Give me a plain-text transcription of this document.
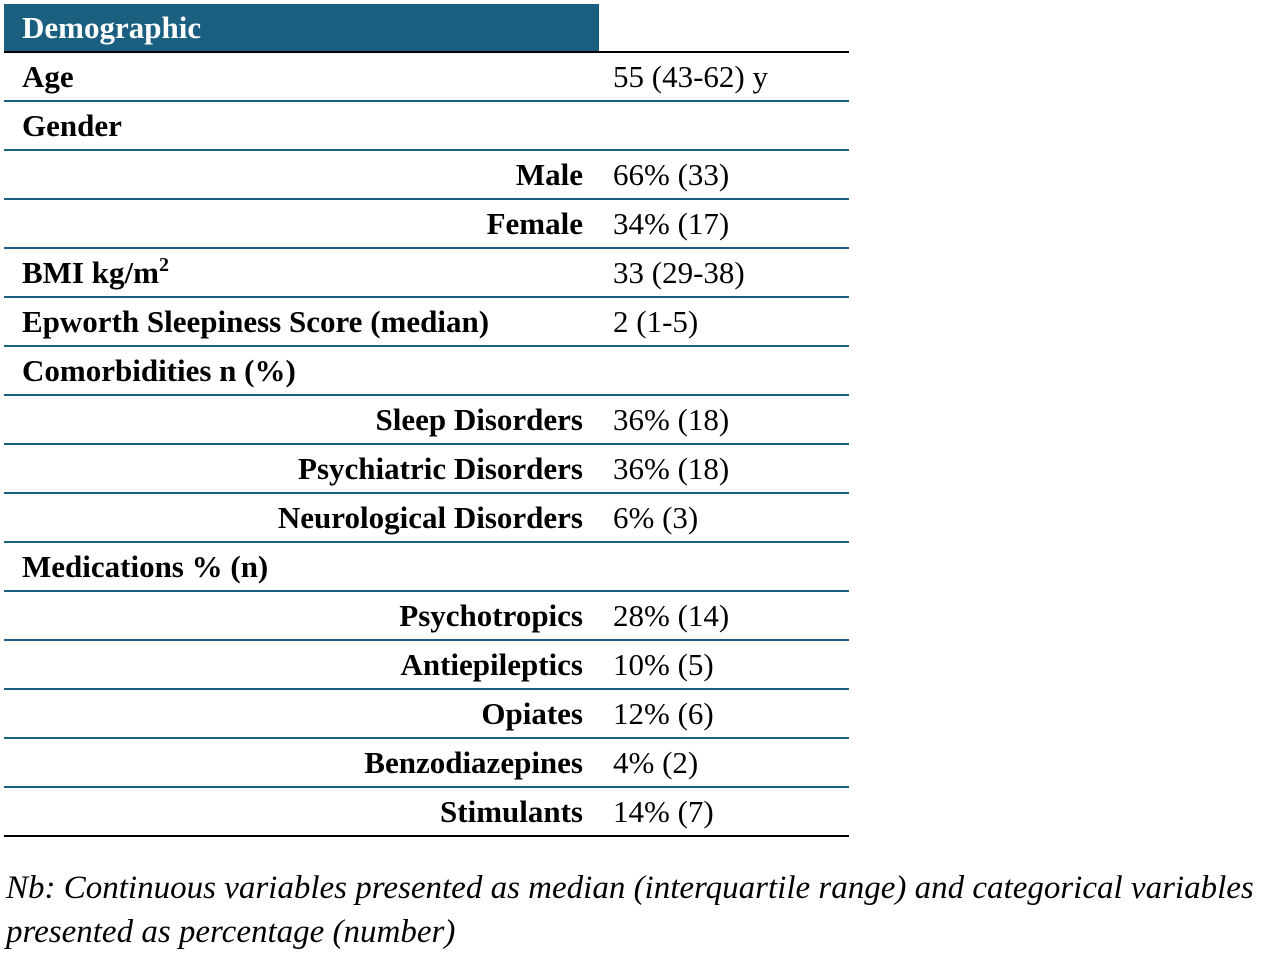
Demographic	
Age	55 (43-62) y
Gender	
Male	66% (33)
Female	34% (17)
BMI $kg/m^2$	33 (29-38)
Epworth Sleepiness Score (median)	2 (1-5)
Comorbidities n (%)	
Sleep Disorders	36% (18)
Psychiatric Disorders	36% (18)
Neurological Disorders	6% (3)
Medications % (n)	
Psychotropics	28% (14)
Antiepileptics	10% (5)
Opiates	12% (6)
Benzodiazepines	4% (2)
Stimulants	14% (7)

Nb: Continuous variables presented as median (interquartile range) and categorical variables presented as percentage (number)
